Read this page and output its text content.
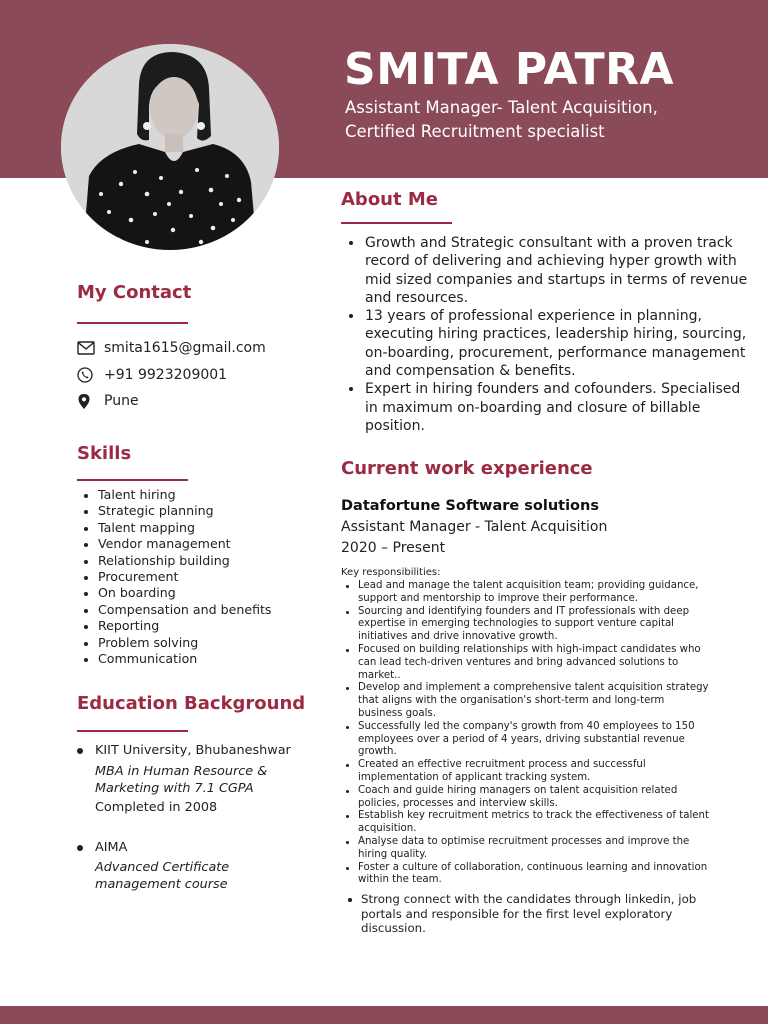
SMITA PATRA
Assistant Manager- Talent Acquisition,
Certified Recruitment specialist
My Contact
smita1615@gmail.com
+91 9923209001
Pune
Skills
Talent hiring
Strategic planning
Talent mapping
Vendor management
Relationship building
Procurement
On boarding
Compensation and benefits
Reporting
Problem solving
Communication
Education Background
KIIT University, Bhubaneshwar
MBA in Human Resource &
Marketing with 7.1 CGPA
Completed in 2008
AIMA
Advanced Certificate
management course
About Me
Growth and Strategic consultant with a proven track record of delivering and achieving hyper growth with mid sized companies and startups in terms of revenue and resources.
13 years of professional experience in planning, executing hiring practices, leadership hiring, sourcing, on-boarding, procurement, performance management and compensation & benefits.
Expert in hiring founders and cofounders. Specialised in maximum on-boarding and closure of billable position.
Current work experience
Datafortune Software solutions
Assistant Manager - Talent Acquisition
2020 – Present
Key responsibilities:
Lead and manage the talent acquisition team; providing guidance, support and mentorship to improve their performance.
Sourcing and identifying founders and IT professionals with deep expertise in emerging technologies to support venture capital initiatives and drive innovative growth.
Focused on building relationships with high-impact candidates who can lead tech-driven ventures and bring advanced solutions to market..
Develop and implement a comprehensive talent acquisition strategy that aligns with the organisation's short-term and long-term business goals.
Successfully led the company's growth from 40 employees to 150 employees over a period of 4 years, driving substantial revenue growth.
Created an effective recruitment process and successful implementation of applicant tracking system.
Coach and guide hiring managers on talent acquisition related policies, processes and interview skills.
Establish key recruitment metrics to track the effectiveness of talent acquisition.
Analyse data to optimise recruitment processes and improve the hiring quality.
Foster a culture of collaboration, continuous learning and innovation within the team.
Strong connect with the candidates through linkedin, job portals and responsible for the first level exploratory discussion.
